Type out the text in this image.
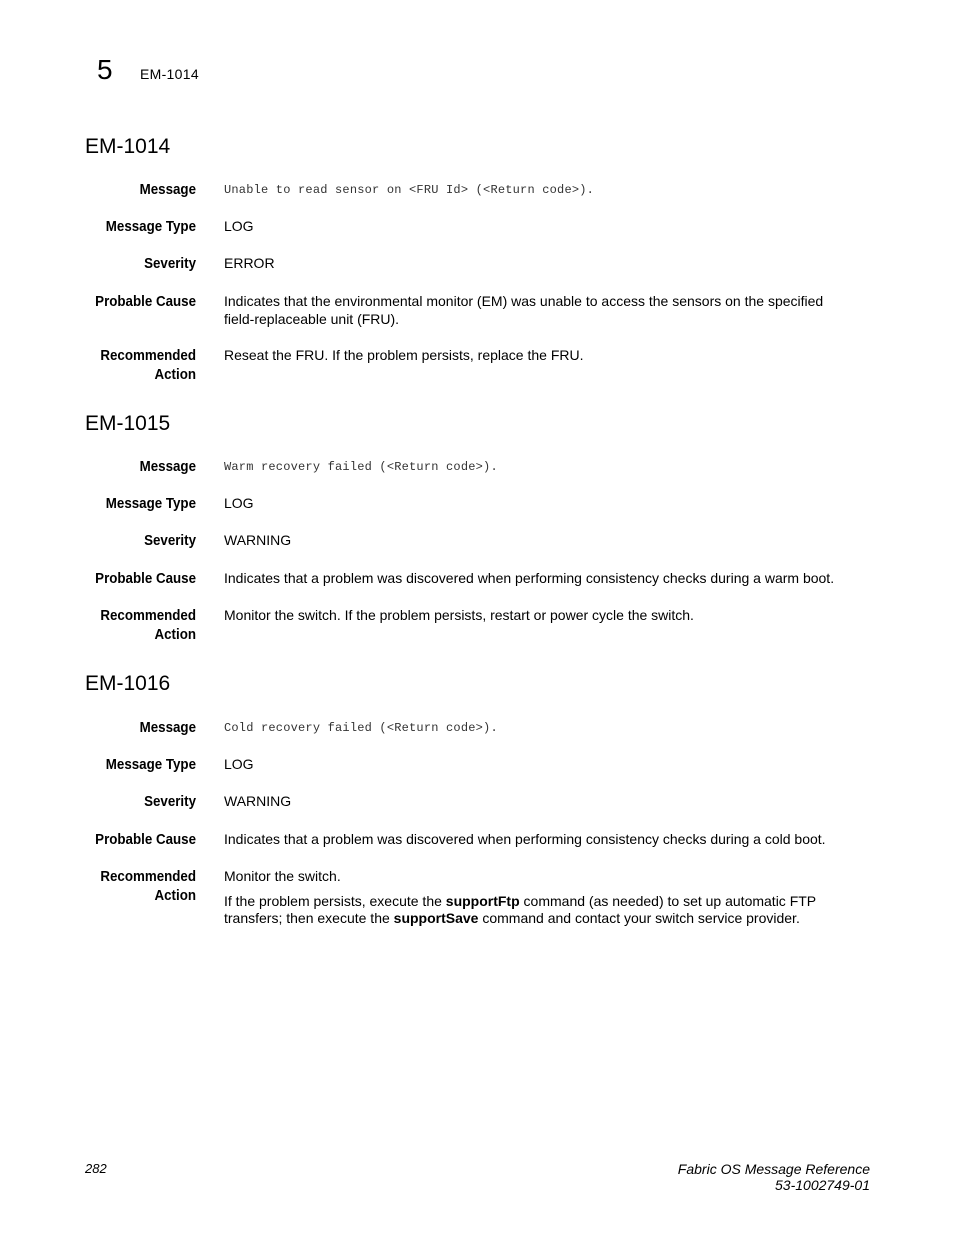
5 EM-1014
EM-1014
Message Unable to read sensor on <FRU Id> (<Return code>).
Message Type LOG
Severity ERROR
Probable Cause Indicates that the environmental monitor (EM) was unable to access the sensors on the specified field-replaceable unit (FRU).
Recommended
Action
Reseat the FRU. If the problem persists, replace the FRU.
EM-1015
Message Warm recovery failed (<Return code>).
Message Type LOG
Severity WARNING
Probable Cause Indicates that a problem was discovered when performing consistency checks during a warm boot.
Recommended
Action
Monitor the switch. If the problem persists, restart or power cycle the switch.
EM-1016
Message Cold recovery failed (<Return code>).
Message Type LOG
Severity WARNING
Probable Cause Indicates that a problem was discovered when performing consistency checks during a cold boot.
Recommended
Action
Monitor the switch.
If the problem persists, execute the supportFtp command (as needed) to set up automatic FTP transfers; then execute the supportSave command and contact your switch service provider.
282	Fabric OS Message Reference
53-1002749-01
